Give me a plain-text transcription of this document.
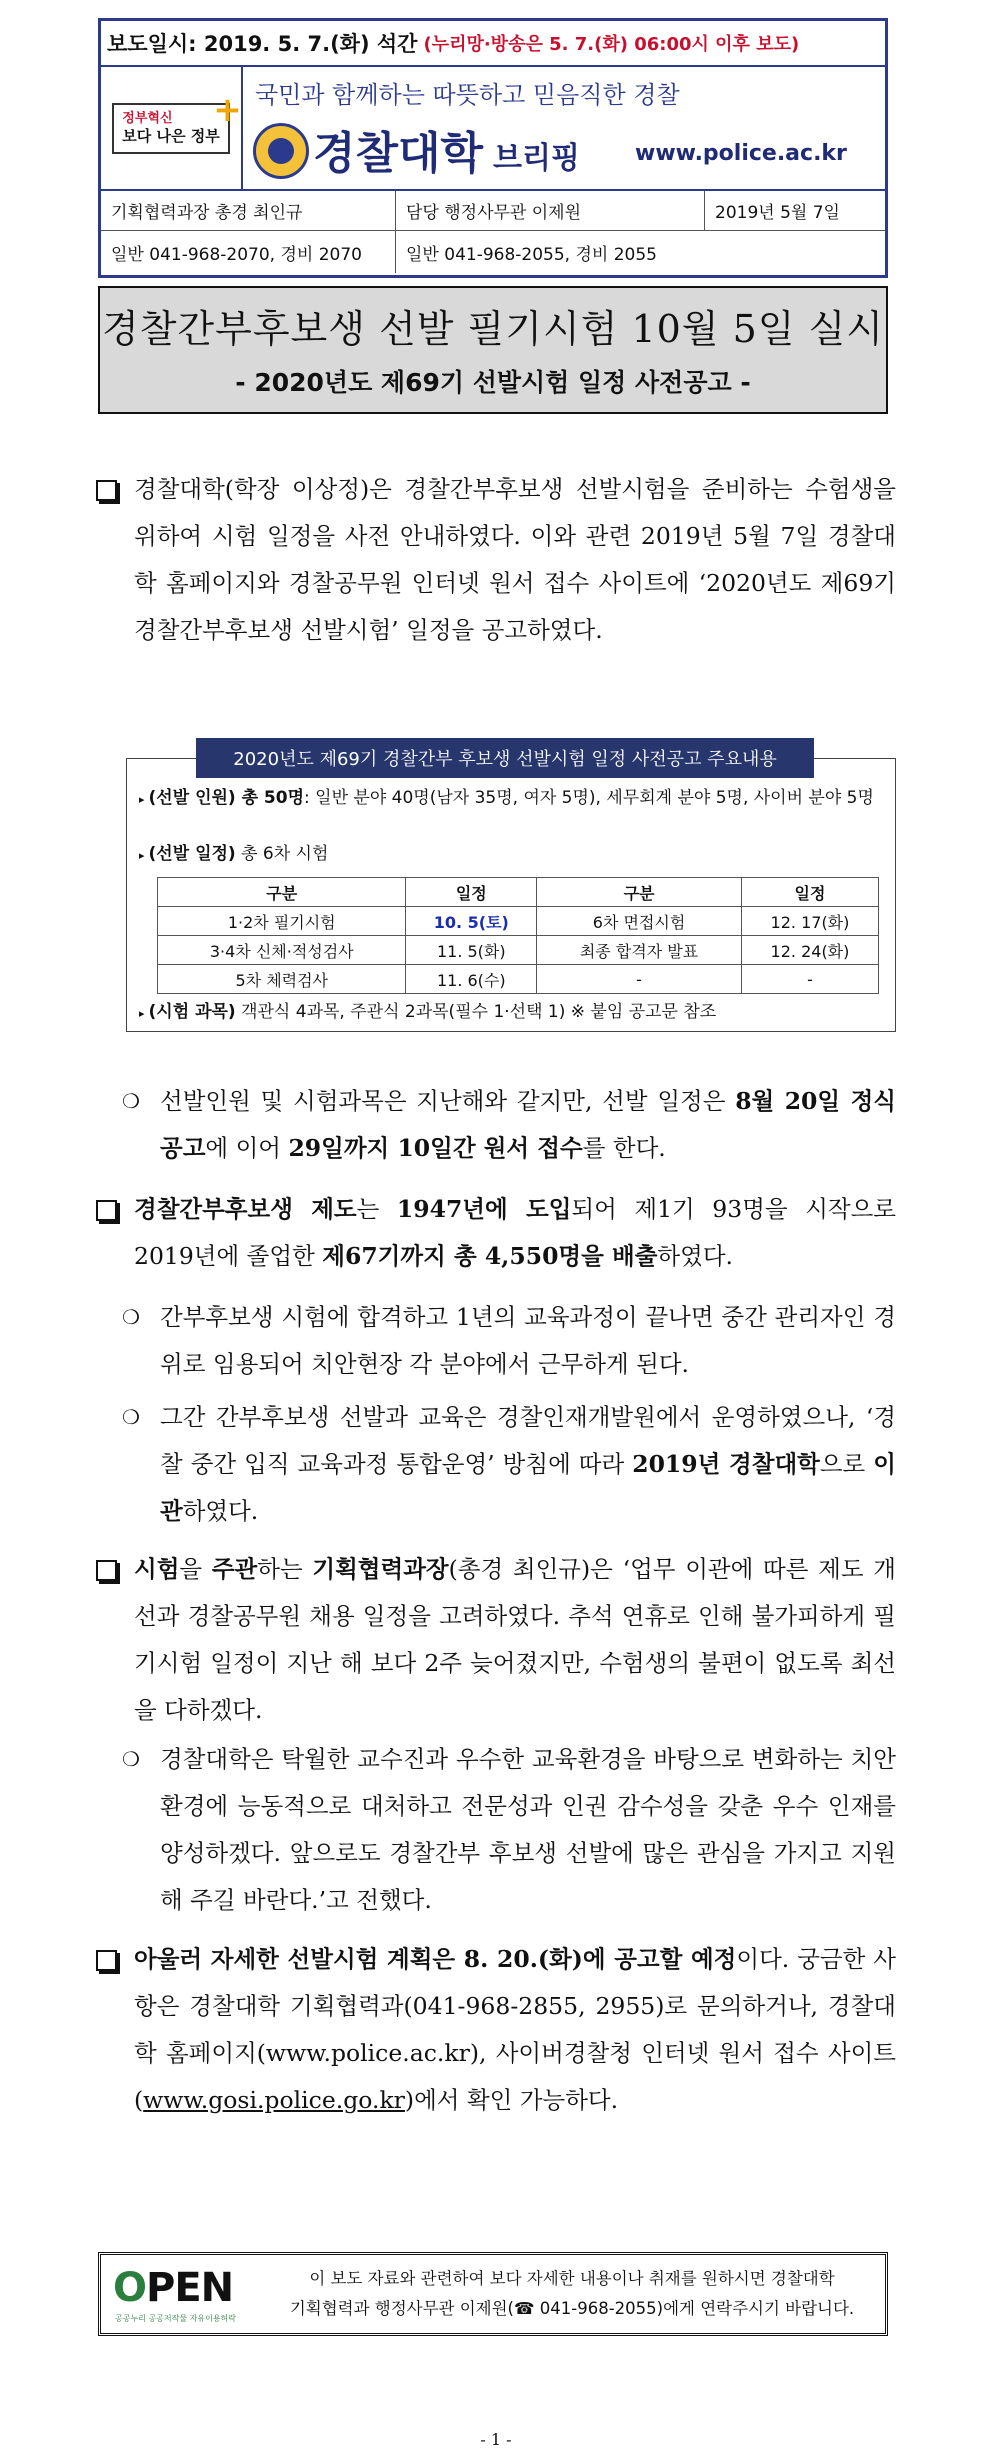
보도일시: 2019. 5. 7.(화) 석간 (누리망·방송은 5. 7.(화) 06:00시 이후 보도)
정부혁신
보다 나은 정부
+ 국민과 함께하는 따뜻하고 믿음직한 경찰
경찰대학 브리핑	www.police.ac.kr
기획협력과장 총경 최인규	담당 행정사무관 이제원	2019년 5월 7일
일반 041-968-2070, 경비 2070	일반 041-968-2055, 경비 2055
경찰간부후보생 선발 필기시험 10월 5일 실시
- 2020년도 제69기 선발시험 일정 사전공고 -
경찰대학(학장 이상정)은 경찰간부후보생 선발시험을 준비하는 수험생을 위하여 시험 일정을 사전 안내하였다. 이와 관련 2019년 5월 7일 경찰대학 홈페이지와 경찰공무원 인터넷 원서 접수 사이트에 ‘2020년도 제69기 경찰간부후보생 선발시험’ 일정을 공고하였다.
2020년도 제69기 경찰간부 후보생 선발시험 일정 사전공고 주요내용
▸ (선발 인원) 총 50명: 일반 분야 40명(남자 35명, 여자 5명), 세무회계 분야 5명, 사이버 분야 5명
▸ (선발 일정) 총 6차 시험
구분	일정	구분	일정
1·2차 필기시험	10. 5(토)	6차 면접시험	12. 17(화)
3·4차 신체·적성검사	11. 5(화)	최종 합격자 발표	12. 24(화)
5차 체력검사	11. 6(수)	-	-
▸ (시험 과목) 객관식 4과목, 주관식 2과목(필수 1·선택 1) ※ 붙임 공고문 참조
❍ 선발인원 및 시험과목은 지난해와 같지만, 선발 일정은 8월 20일 정식 공고에 이어 29일까지 10일간 원서 접수를 한다.
경찰간부후보생 제도는 1947년에 도입되어 제1기 93명을 시작으로 2019년에 졸업한 제67기까지 총 4,550명을 배출하였다.
❍ 간부후보생 시험에 합격하고 1년의 교육과정이 끝나면 중간 관리자인 경위로 임용되어 치안현장 각 분야에서 근무하게 된다.
❍ 그간 간부후보생 선발과 교육은 경찰인재개발원에서 운영하였으나, ‘경찰 중간 입직 교육과정 통합운영’ 방침에 따라 2019년 경찰대학으로 이관하였다.
시험을 주관하는 기획협력과장(총경 최인규)은 ‘업무 이관에 따른 제도 개선과 경찰공무원 채용 일정을 고려하였다. 추석 연휴로 인해 불가피하게 필기시험 일정이 지난 해 보다 2주 늦어졌지만, 수험생의 불편이 없도록 최선을 다하겠다.
❍ 경찰대학은 탁월한 교수진과 우수한 교육환경을 바탕으로 변화하는 치안환경에 능동적으로 대처하고 전문성과 인권 감수성을 갖춘 우수 인재를 양성하겠다. 앞으로도 경찰간부 후보생 선발에 많은 관심을 가지고 지원해 주길 바란다.’고 전했다.
아울러 자세한 선발시험 계획은 8. 20.(화)에 공고할 예정이다. 궁금한 사항은 경찰대학 기획협력과(041-968-2855, 2955)로 문의하거나, 경찰대학 홈페이지(www.police.ac.kr), 사이버경찰청 인터넷 원서 접수 사이트(www.gosi.police.go.kr)에서 확인 가능하다.
OPEN
공공누리 공공저작물 자유이용허락
이 보도 자료와 관련하여 보다 자세한 내용이나 취재를 원하시면 경찰대학
기획협력과 행정사무관 이제원(☎ 041-968-2055)에게 연락주시기 바랍니다.
- 1 -
